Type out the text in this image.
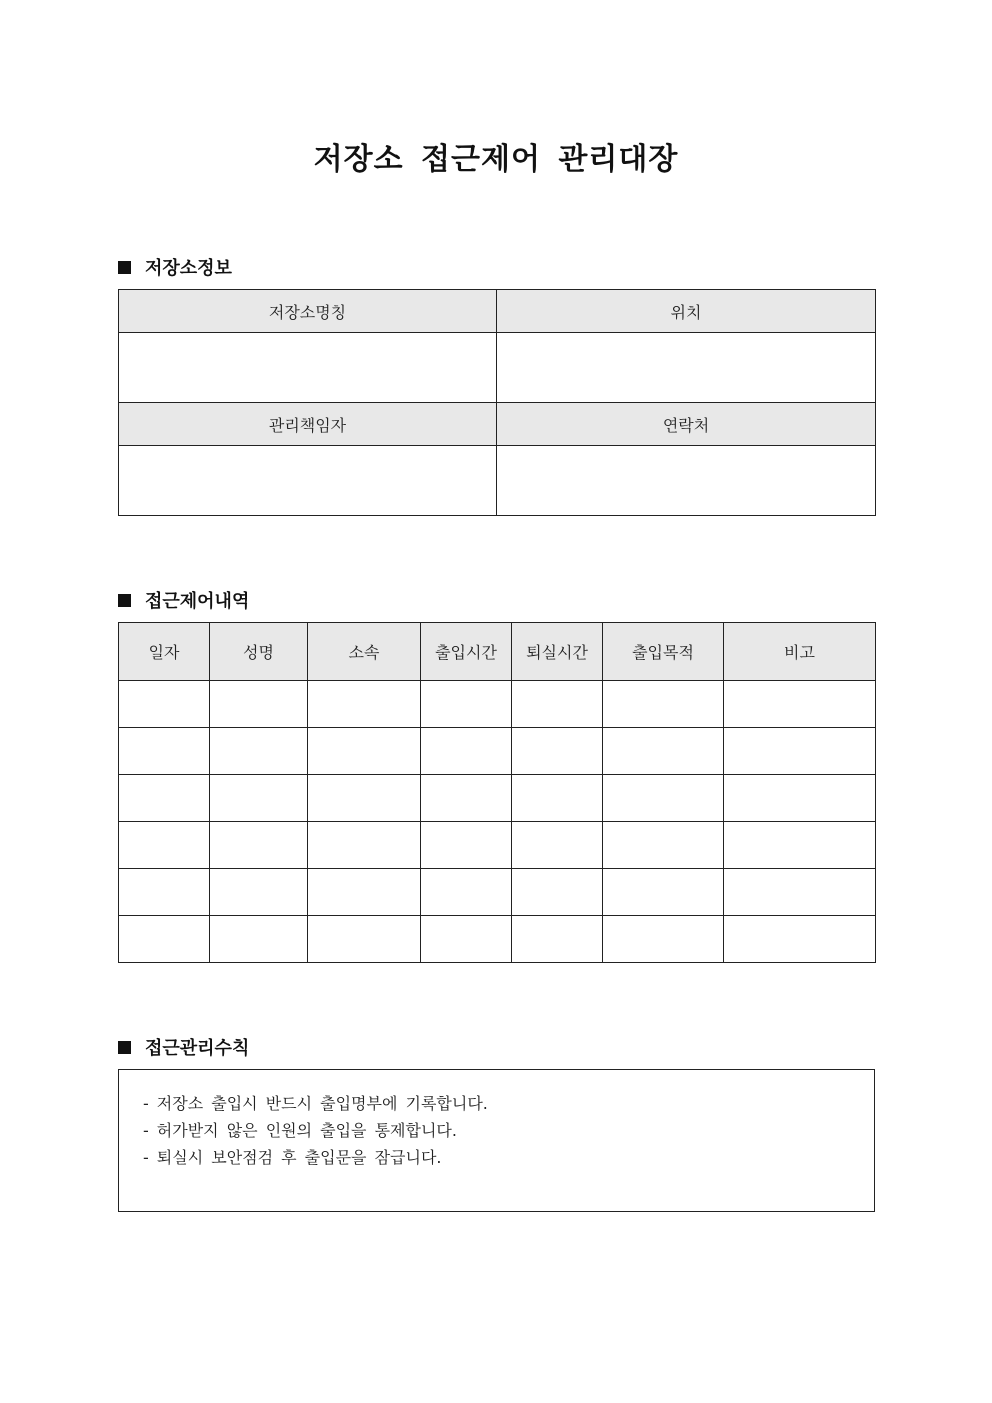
저장소 접근제어 관리대장
저장소정보
저장소명칭	위치

관리책임자	연락처

접근제어내역
일자	성명	소속	출입시간	퇴실시간	출입목적	비고

접근관리수칙
- 저장소 출입시 반드시 출입명부에 기록합니다.
- 허가받지 않은 인원의 출입을 통제합니다.
- 퇴실시 보안점검 후 출입문을 잠급니다.
